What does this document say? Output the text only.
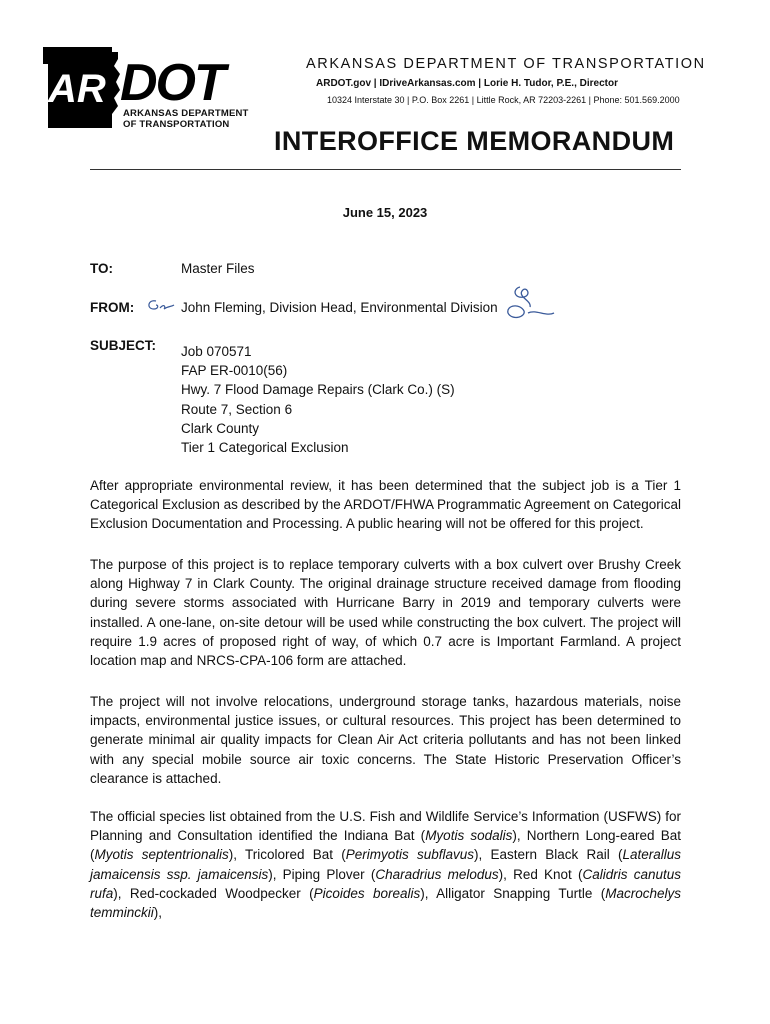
AR DOT
ARKANSAS DEPARTMENT
OF TRANSPORTATION
ARKANSAS DEPARTMENT OF TRANSPORTATION
ARDOT.gov | IDriveArkansas.com | Lorie H. Tudor, P.E., Director
10324 Interstate 30 | P.O. Box 2261 | Little Rock, AR 72203-2261 | Phone: 501.569.2000
INTEROFFICE MEMORANDUM
June 15, 2023
TO:	Master Files
FROM:	John Fleming, Division Head, Environmental Division
SUBJECT: Job 070571
FAP ER-0010(56)
Hwy. 7 Flood Damage Repairs (Clark Co.) (S)
Route 7, Section 6
Clark County
Tier 1 Categorical Exclusion

After appropriate environmental review, it has been determined that the subject job is a Tier 1 Categorical Exclusion as described by the ARDOT/FHWA Programmatic Agreement on Categorical Exclusion Documentation and Processing. A public hearing will not be offered for this project.

The purpose of this project is to replace temporary culverts with a box culvert over Brushy Creek along Highway 7 in Clark County. The original drainage structure received damage from flooding during severe storms associated with Hurricane Barry in 2019 and temporary culverts were installed. A one-lane, on-site detour will be used while constructing the box culvert. The project will require 1.9 acres of proposed right of way, of which 0.7 acre is Important Farmland. A project location map and NRCS-CPA-106 form are attached.

The project will not involve relocations, underground storage tanks, hazardous materials, noise impacts, environmental justice issues, or cultural resources. This project has been determined to generate minimal air quality impacts for Clean Air Act criteria pollutants and has not been linked with any special mobile source air toxic concerns. The State Historic Preservation Officer’s clearance is attached.

The official species list obtained from the U.S. Fish and Wildlife Service’s Information (USFWS) for Planning and Consultation identified the Indiana Bat (Myotis sodalis), Northern Long-eared Bat (Myotis septentrionalis), Tricolored Bat (Perimyotis subflavus), Eastern Black Rail (Laterallus jamaicensis ssp. jamaicensis), Piping Plover (Charadrius melodus), Red Knot (Calidris canutus rufa), Red-cockaded Woodpecker (Picoides borealis), Alligator Snapping Turtle (Macrochelys temminckii),
